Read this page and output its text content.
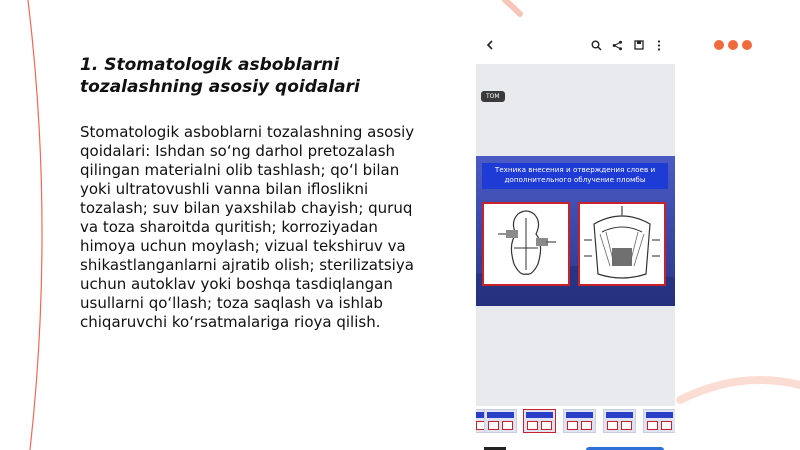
1. Stomatologik asboblarni tozalashning asosiy qoidalari

Stomatologik asboblarni tozalashning asosiy qoidalari: Ishdan so‘ng darhol pretozalash qilingan materialni olib tashlash; qo‘l bilan yoki ultratovushli vanna bilan ifloslikni tozalash; suv bilan yaxshilab chayish; quruq va toza sharoitda quritish; korroziyadan himoya uchun moylash; vizual tekshiruv va shikastlanganlarni ajratib olish; sterilizatsiya uchun autoklav yoki boshqa tasdiqlangan usullarni qo‘llash; toza saqlash va ishlab chiqaruvchi ko‘rsatmalariga rioya qilish.

ТОМ
Техника внесения и отверждения слоев и дополнительного облучение пломбы
